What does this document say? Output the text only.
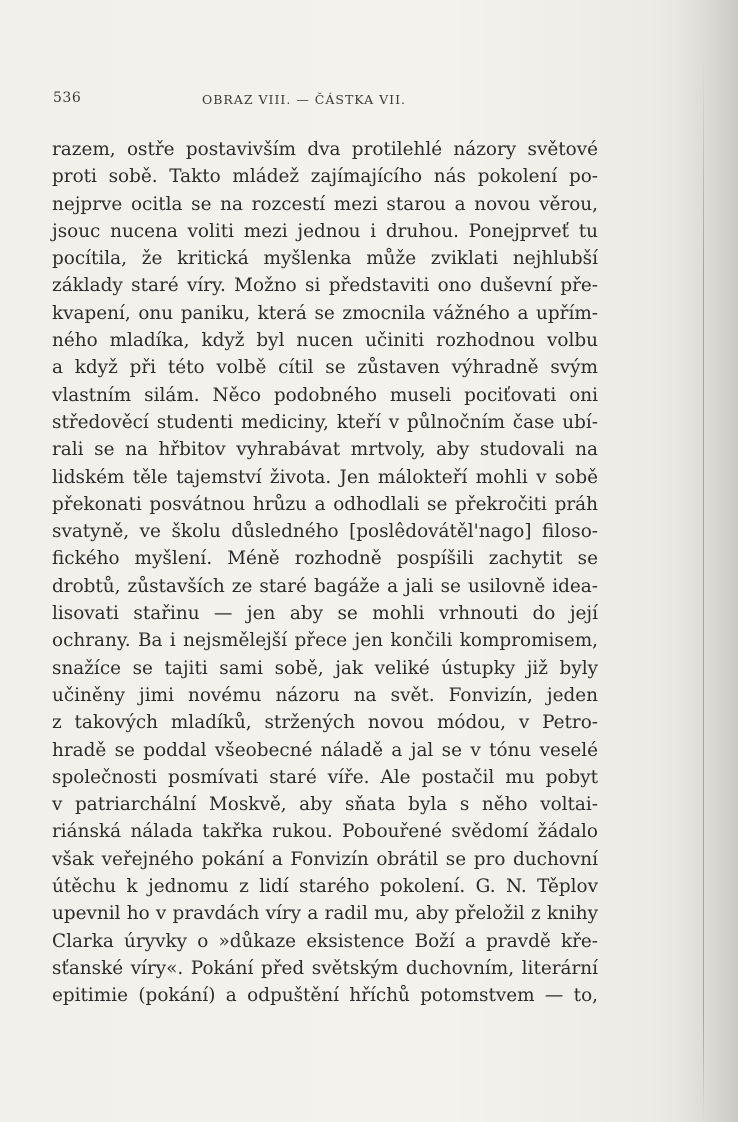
536	OBRAZ VIII. — ČÁSTKA VII.
razem, ostře postavivším dva protilehlé názory světové
proti sobě. Takto mládež zajímajícího nás pokolení po-
nejprve ocitla se na rozcestí mezi starou a novou věrou,
jsouc nucena voliti mezi jednou i druhou. Ponejprveť tu
pocítila, že kritická myšlenka může zviklati nejhlubší
základy staré víry. Možno si představiti ono duševní pře-
kvapení, onu paniku, která se zmocnila vážného a upřím-
ného mladíka, když byl nucen učiniti rozhodnou volbu
a když při této volbě cítil se zůstaven výhradně svým
vlastním silám. Něco podobného museli pociťovati oni
středověcí studenti mediciny, kteří v půlnočním čase ubí-
rali se na hřbitov vyhrabávat mrtvoly, aby studovali na
lidském těle tajemství života. Jen málokteří mohli v sobě
překonati posvátnou hrůzu a odhodlali se překročiti práh
svatyně, ve školu důsledného [poslêdovátěl'nago] filoso-
fického myšlení. Méně rozhodně pospíšili zachytit se
drobtů, zůstavších ze staré bagáže a jali se usilovně idea-
lisovati stařinu — jen aby se mohli vrhnouti do její
ochrany. Ba i nejsmělejší přece jen končili kompromisem,
snažíce se tajiti sami sobě, jak veliké ústupky již byly
učiněny jimi novému názoru na svět. Fonvizín, jeden
z takových mladíků, stržených novou módou, v Petro-
hradě se poddal všeobecné náladě a jal se v tónu veselé
společnosti posmívati staré víře. Ale postačil mu pobyt
v patriarchální Moskvě, aby sňata byla s něho voltai-
riánská nálada takřka rukou. Pobouřené svědomí žádalo
však veřejného pokání a Fonvizín obrátil se pro duchovní
útěchu k jednomu z lidí starého pokolení. G. N. Těplov
upevnil ho v pravdách víry a radil mu, aby přeložil z knihy
Clarka úryvky o »důkaze eksistence Boží a pravdě kře-
sťanské víry«. Pokání před světským duchovním, literární
epitimie (pokání) a odpuštění hříchů potomstvem — to,
